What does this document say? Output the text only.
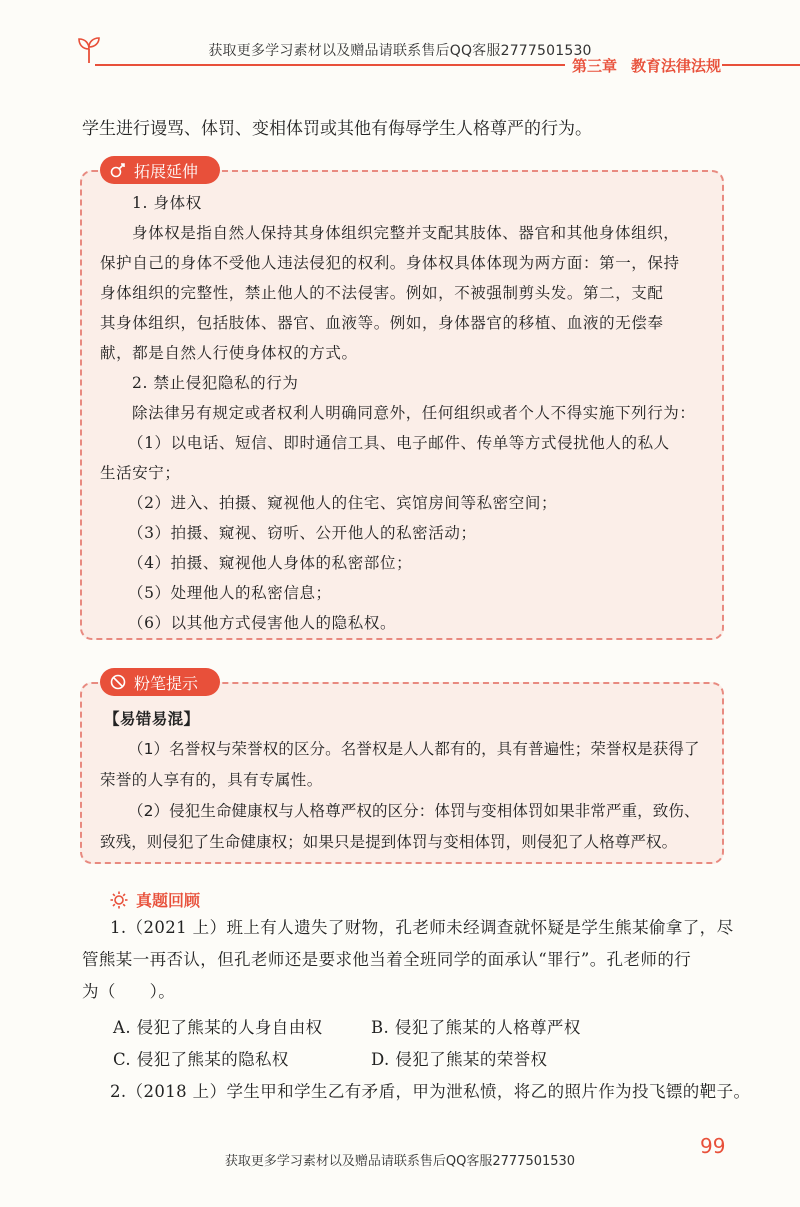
获取更多学习素材以及赠品请联系售后QQ客服2777501530
第三章 教育法律法规
学生进行谩骂、体罚、变相体罚或其他有侮辱学生人格尊严的行为。
拓展延伸
1. 身体权
身体权是指自然人保持其身体组织完整并支配其肢体、器官和其他身体组织，
保护自己的身体不受他人违法侵犯的权利。身体权具体体现为两方面：第一，保持
身体组织的完整性，禁止他人的不法侵害。例如，不被强制剪头发。第二，支配
其身体组织，包括肢体、器官、血液等。例如，身体器官的移植、血液的无偿奉
献，都是自然人行使身体权的方式。
2. 禁止侵犯隐私的行为
除法律另有规定或者权利人明确同意外，任何组织或者个人不得实施下列行为：
（1）以电话、短信、即时通信工具、电子邮件、传单等方式侵扰他人的私人
生活安宁；
（2）进入、拍摄、窥视他人的住宅、宾馆房间等私密空间；
（3）拍摄、窥视、窃听、公开他人的私密活动；
（4）拍摄、窥视他人身体的私密部位；
（5）处理他人的私密信息；
（6）以其他方式侵害他人的隐私权。
粉笔提示
【易错易混】
（1）名誉权与荣誉权的区分。名誉权是人人都有的，具有普遍性；荣誉权是获得了
荣誉的人享有的，具有专属性。
（2）侵犯生命健康权与人格尊严权的区分：体罚与变相体罚如果非常严重，致伤、
致残，则侵犯了生命健康权；如果只是提到体罚与变相体罚，则侵犯了人格尊严权。
真题回顾
1.（2021 上）班上有人遗失了财物，孔老师未经调查就怀疑是学生熊某偷拿了，尽
管熊某一再否认，但孔老师还是要求他当着全班同学的面承认“罪行”。孔老师的行
为（　　）。
A. 侵犯了熊某的人身自由权	B. 侵犯了熊某的人格尊严权
C. 侵犯了熊某的隐私权	D. 侵犯了熊某的荣誉权
2.（2018 上）学生甲和学生乙有矛盾，甲为泄私愤，将乙的照片作为投飞镖的靶子。
99
获取更多学习素材以及赠品请联系售后QQ客服2777501530
